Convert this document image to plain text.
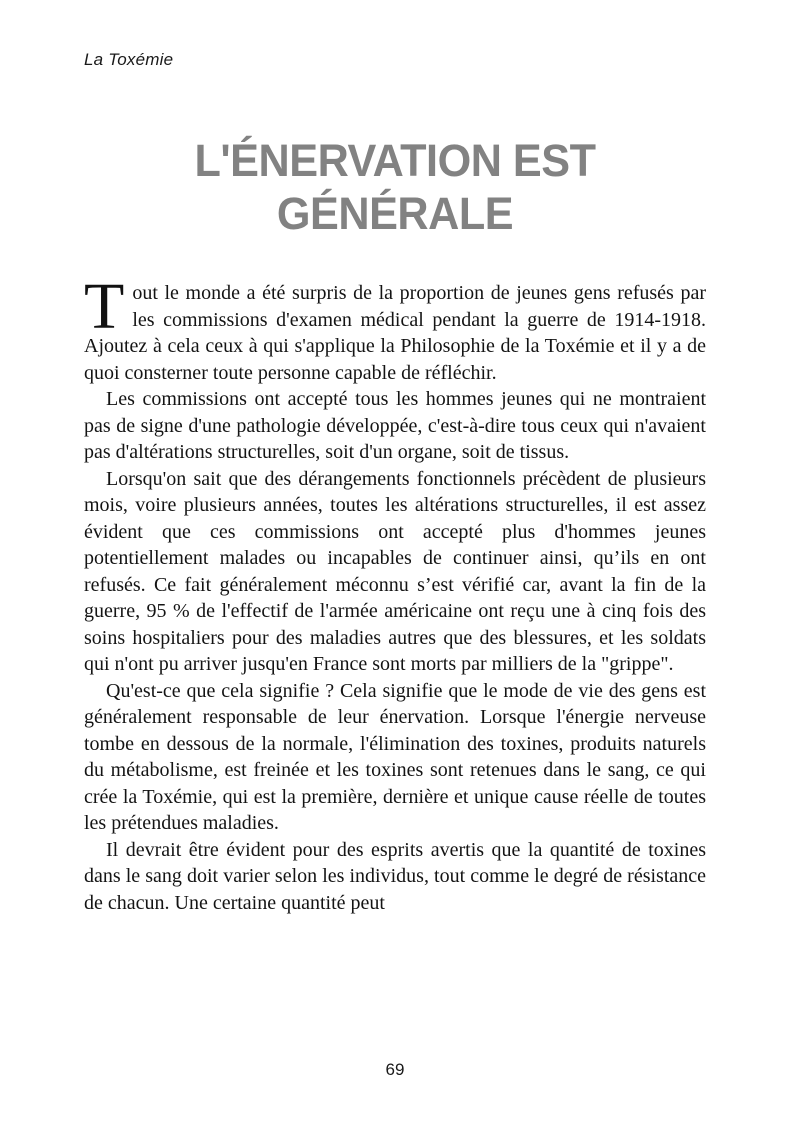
La Toxémie
L'ÉNERVATION EST GÉNÉRALE

Tout le monde a été surpris de la proportion de jeunes gens refusés par les commissions d'examen médical pendant la guerre de 1914-1918. Ajoutez à cela ceux à qui s'applique la Philosophie de la Toxémie et il y a de quoi consterner toute personne capable de réfléchir.

Les commissions ont accepté tous les hommes jeunes qui ne montraient pas de signe d'une pathologie développée, c'est-à-dire tous ceux qui n'avaient pas d'altérations structurelles, soit d'un organe, soit de tissus.

Lorsqu'on sait que des dérangements fonctionnels précèdent de plusieurs mois, voire plusieurs années, toutes les altérations structurelles, il est assez évident que ces commissions ont accepté plus d'hommes jeunes potentiellement malades ou incapables de continuer ainsi, qu’ils en ont refusés. Ce fait généralement méconnu s’est vérifié car, avant la fin de la guerre, 95 % de l'effectif de l'armée américaine ont reçu une à cinq fois des soins hospitaliers pour des maladies autres que des blessures, et les soldats qui n'ont pu arriver jusqu'en France sont morts par milliers de la "grippe".

Qu'est-ce que cela signifie ? Cela signifie que le mode de vie des gens est généralement responsable de leur énervation. Lorsque l'énergie nerveuse tombe en dessous de la normale, l'élimination des toxines, produits naturels du métabolisme, est freinée et les toxines sont retenues dans le sang, ce qui crée la Toxémie, qui est la première, dernière et unique cause réelle de toutes les prétendues maladies.

Il devrait être évident pour des esprits avertis que la quantité de toxines dans le sang doit varier selon les individus, tout comme le degré de résistance de chacun. Une certaine quantité peut

69
